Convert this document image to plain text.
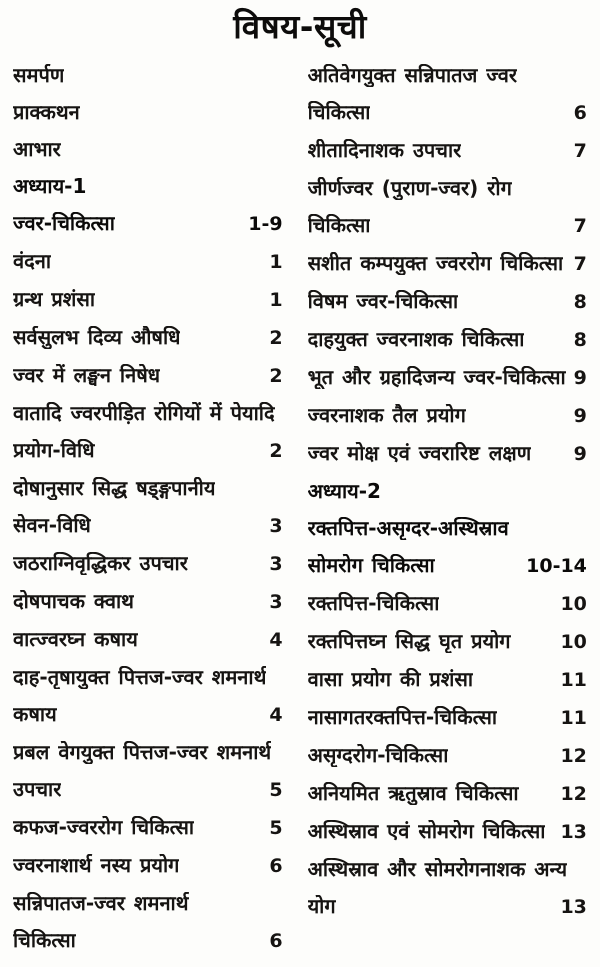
विषय-सूची
समर्पण
प्राक्कथन
आभार
अध्याय-1
ज्वर-चिकित्सा	1-9
वंदना	1
ग्रन्थ प्रशंसा	1
सर्वसुलभ दिव्य औषधि	2
ज्वर में लङ्घन निषेध	2
वातादि ज्वरपीड़ित रोगियों में पेयादि
प्रयोग-विधि	2
दोषानुसार सिद्ध षड्ङ्गपानीय
सेवन-विधि	3
जठराग्निवृद्धिकर उपचार	3
दोषपाचक क्वाथ	3
वात्ज्वरघ्न कषाय	4
दाह-तृषायुक्त पित्तज-ज्वर शमनार्थ
कषाय	4
प्रबल वेगयुक्त पित्तज-ज्वर शमनार्थ
उपचार	5
कफज-ज्वररोग चिकित्सा	5
ज्वरनाशार्थ नस्य प्रयोग	6
सन्निपातज-ज्वर शमनार्थ
चिकित्सा	6
अतिवेगयुक्त सन्निपातज ज्वर
चिकित्सा	6
शीतादिनाशक उपचार	7
जीर्णज्वर (पुराण-ज्वर) रोग
चिकित्सा	7
सशीत कम्पयुक्त ज्वररोग चिकित्सा 7
विषम ज्वर-चिकित्सा	8
दाहयुक्त ज्वरनाशक चिकित्सा	8
भूत और ग्रहादिजन्य ज्वर-चिकित्सा 9
ज्वरनाशक तैल प्रयोग	9
ज्वर मोक्ष एवं ज्वरारिष्ट लक्षण 9
अध्याय-2
रक्तपित्त-असृग्दर-अस्थिस्राव
सोमरोग चिकित्सा	10-14
रक्तपित्त-चिकित्सा	10
रक्तपित्तघ्न सिद्ध घृत प्रयोग	10
वासा प्रयोग की प्रशंसा	11
नासागतरक्तपित्त-चिकित्सा	11
असृग्दरोग-चिकित्सा	12
अनियमित ऋतुस्राव चिकित्सा 12
अस्थिस्राव एवं सोमरोग चिकित्सा 13
अस्थिस्राव और सोमरोगनाशक अन्य
योग	13
